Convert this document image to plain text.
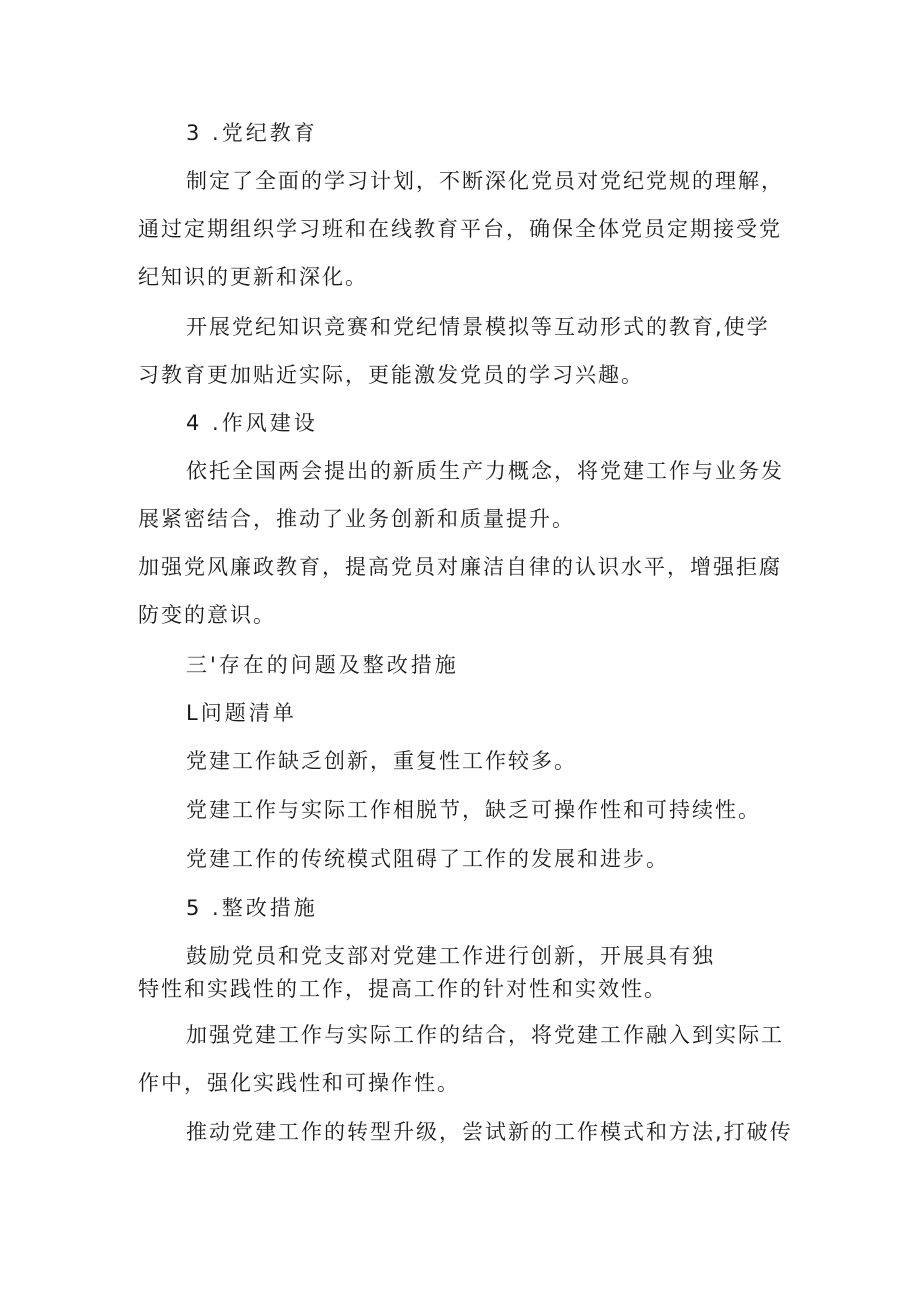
3 .党纪教育

制定了全面的学习计划，不断深化党员对党纪党规的理解，

通过定期组织学习班和在线教育平台，确保全体党员定期接受党

纪知识的更新和深化。

开展党纪知识竞赛和党纪情景模拟等互动形式的教育,使学

习教育更加贴近实际，更能激发党员的学习兴趣。

4 .作风建设

依托全国两会提出的新质生产力概念，将党建工作与业务发

展紧密结合，推动了业务创新和质量提升。

加强党风廉政教育，提高党员对廉洁自律的认识水平，增强拒腐

防变的意识。

三'存在的问题及整改措施

L问题清单

党建工作缺乏创新，重复性工作较多。

党建工作与实际工作相脱节，缺乏可操作性和可持续性。

党建工作的传统模式阻碍了工作的发展和进步。

5 .整改措施

鼓励党员和党支部对党建工作进行创新，开展具有独

特性和实践性的工作，提高工作的针对性和实效性。

加强党建工作与实际工作的结合，将党建工作融入到实际工

作中，强化实践性和可操作性。

推动党建工作的转型升级，尝试新的工作模式和方法,打破传
